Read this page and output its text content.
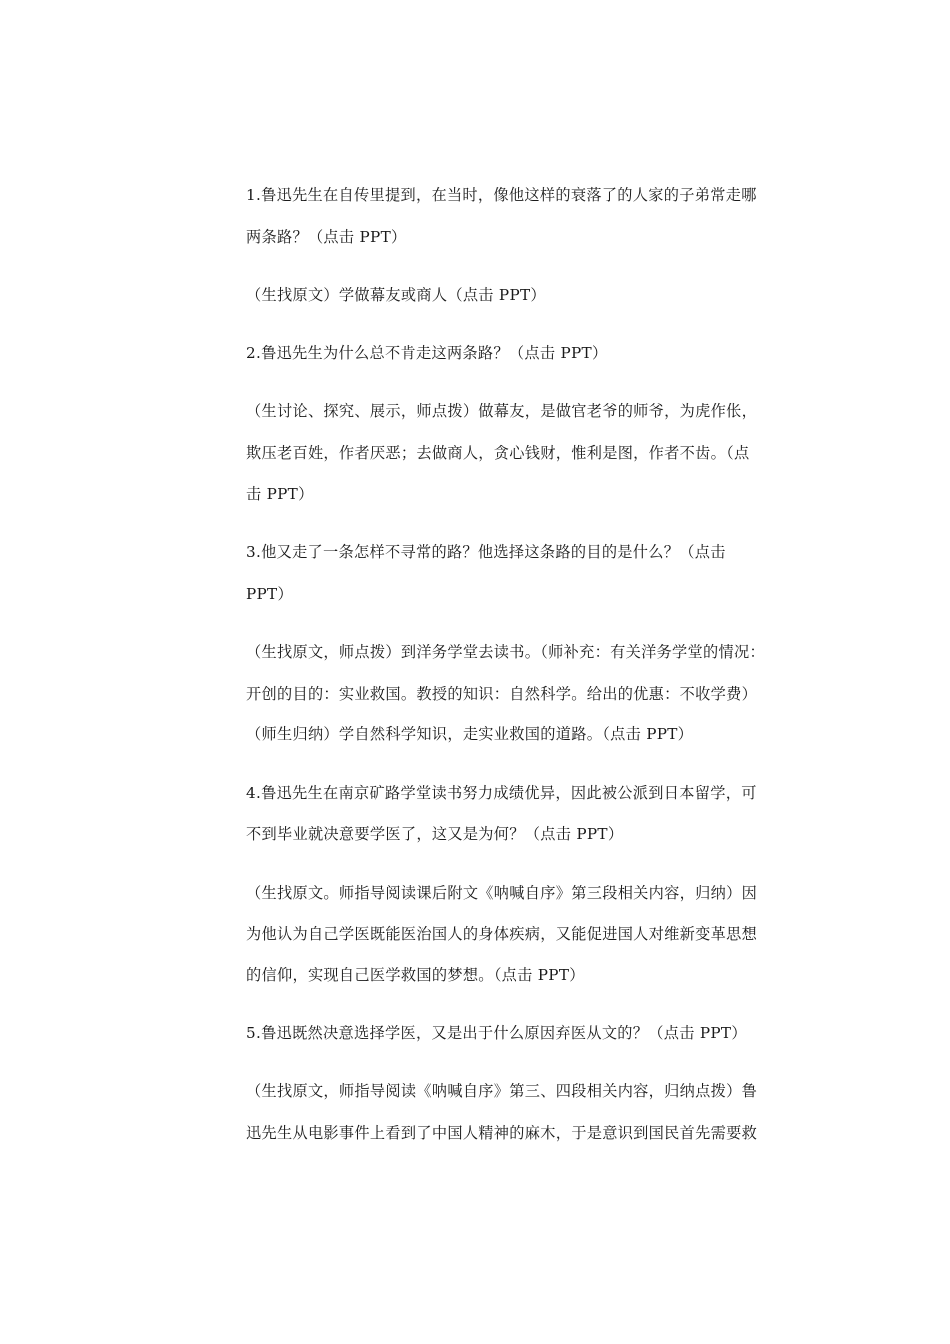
1.鲁迅先生在自传里提到，在当时，像他这样的衰落了的人家的子弟常走哪
两条路？（点击 PPT）
（生找原文）学做幕友或商人（点击 PPT）
2.鲁迅先生为什么总不肯走这两条路？（点击 PPT）
（生讨论、探究、展示，师点拨）做幕友，是做官老爷的师爷，为虎作伥，
欺压老百姓，作者厌恶；去做商人，贪心钱财，惟利是图，作者不齿。（点
击 PPT）
3.他又走了一条怎样不寻常的路？他选择这条路的目的是什么？（点击
PPT）
（生找原文，师点拨）到洋务学堂去读书。（师补充：有关洋务学堂的情况：
开创的目的：实业救国。教授的知识：自然科学。给出的优惠：不收学费）
（师生归纳）学自然科学知识，走实业救国的道路。（点击 PPT）
4.鲁迅先生在南京矿路学堂读书努力成绩优异，因此被公派到日本留学，可
不到毕业就决意要学医了，这又是为何？（点击 PPT）
（生找原文。师指导阅读课后附文《呐喊自序》第三段相关内容，归纳）因
为他认为自己学医既能医治国人的身体疾病，又能促进国人对维新变革思想
的信仰，实现自己医学救国的梦想。（点击 PPT）
5.鲁迅既然决意选择学医，又是出于什么原因弃医从文的？（点击 PPT）
（生找原文，师指导阅读《呐喊自序》第三、四段相关内容，归纳点拨）鲁
迅先生从电影事件上看到了中国人精神的麻木，于是意识到国民首先需要救
